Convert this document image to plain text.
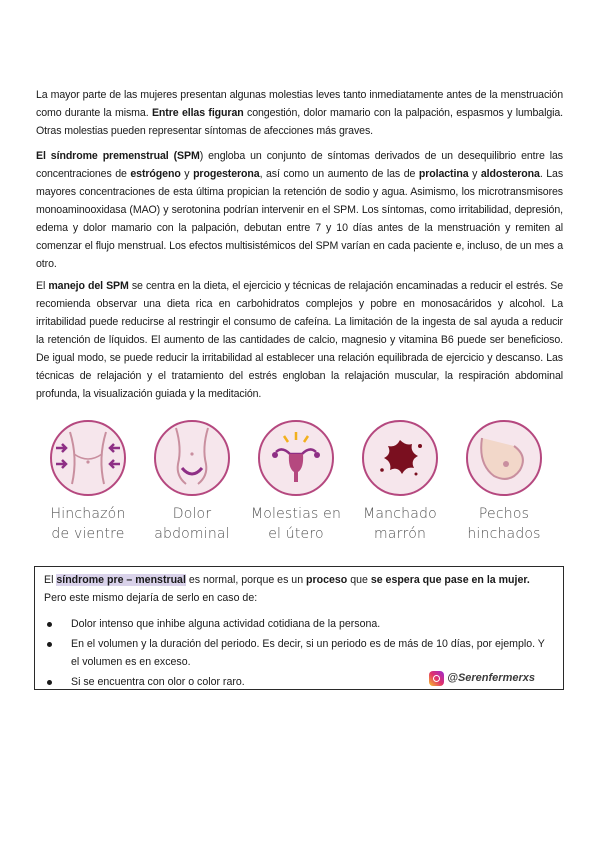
La mayor parte de las mujeres presentan algunas molestias leves tanto inmediatamente antes de la menstruación como durante la misma. Entre ellas figuran congestión, dolor mamario con la palpación, espasmos y lumbalgia. Otras molestias pueden representar síntomas de afecciones más graves.

El síndrome premenstrual (SPM) engloba un conjunto de síntomas derivados de un desequilibrio entre las concentraciones de estrógeno y progesterona, así como un aumento de las de prolactina y aldosterona. Las mayores concentraciones de esta última propician la retención de sodio y agua. Asimismo, los microtransmisores monoaminooxidasa (MAO) y serotonina podrían intervenir en el SPM. Los síntomas, como irritabilidad, depresión, edema y dolor mamario con la palpación, debutan entre 7 y 10 días antes de la menstruación y remiten al comenzar el flujo menstrual. Los efectos multisistémicos del SPM varían en cada paciente e, incluso, de un mes a otro.

El manejo del SPM se centra en la dieta, el ejercicio y técnicas de relajación encaminadas a reducir el estrés. Se recomienda observar una dieta rica en carbohidratos complejos y pobre en monosacáridos y alcohol. La irritabilidad puede reducirse al restringir el consumo de cafeína. La limitación de la ingesta de sal ayuda a reducir la retención de líquidos. El aumento de las cantidades de calcio, magnesio y vitamina B6 puede ser beneficioso. De igual modo, se puede reducir la irritabilidad al establecer una relación equilibrada de ejercicio y descanso. Las técnicas de relajación y el tratamiento del estrés engloban la relajación muscular, la respiración abdominal profunda, la visualización guiada y la meditación.

Hinchazón
de vientre
Dolor
abdominal
Molestias en
el útero
Manchado
marrón
Pechos
hinchados
El síndrome pre – menstrual es normal, porque es un proceso que se espera que pase en la mujer.
Pero este mismo dejaría de serlo en caso de:
Dolor intenso que inhibe alguna actividad cotidiana de la persona.
En el volumen y la duración del periodo. Es decir, si un periodo es de más de 10 días, por ejemplo. Y el volumen es en exceso.
Si se encuentra con olor o color raro.	@Serenfermerxs
